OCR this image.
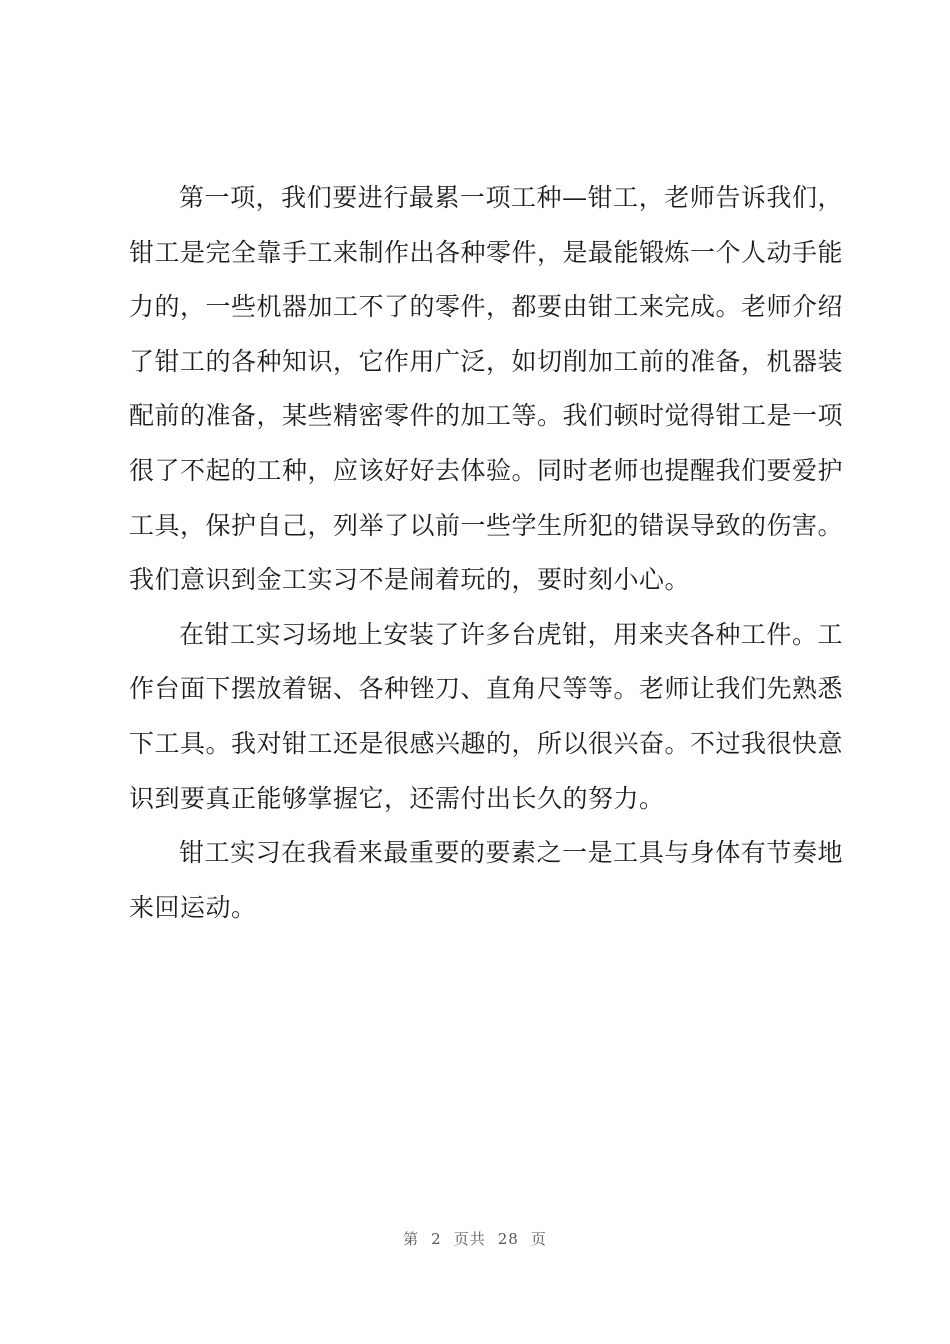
第一项，我们要进行最累一项工种—钳工，老师告诉我们，钳工是完全靠手工来制作出各种零件，是最能锻炼一个人动手能力的，一些机器加工不了的零件，都要由钳工来完成。老师介绍了钳工的各种知识，它作用广泛，如切削加工前的准备，机器装配前的准备，某些精密零件的加工等。我们顿时觉得钳工是一项很了不起的工种，应该好好去体验。同时老师也提醒我们要爱护工具，保护自己，列举了以前一些学生所犯的错误导致的伤害。我们意识到金工实习不是闹着玩的，要时刻小心。

在钳工实习场地上安装了许多台虎钳，用来夹各种工件。工作台面下摆放着锯、各种锉刀、直角尺等等。老师让我们先熟悉下工具。我对钳工还是很感兴趣的，所以很兴奋。不过我很快意识到要真正能够掌握它，还需付出长久的努力。

钳工实习在我看来最重要的要素之一是工具与身体有节奏地来回运动。

第 2 页共 28 页
